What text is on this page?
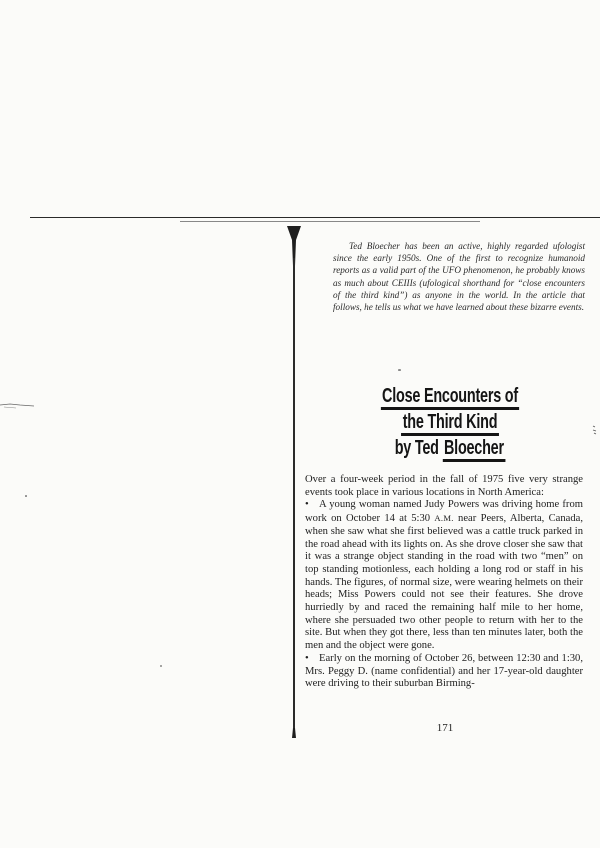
Ted Bloecher has been an active, highly regarded ufologist since the early 1950s. One of the first to recognize humanoid reports as a valid part of the UFO phenomenon, he probably knows as much about CEIIIs (ufological shorthand for “close encounters of the third kind”) as anyone in the world. In the article that follows, he tells us what we have learned about these bizarre events.

Close Encounters of
the Third Kind
by Ted Bloecher

Over a four-week period in the fall of 1975 five very strange events took place in various locations in North America:

• A young woman named Judy Powers was driving home from work on October 14 at 5:30 A.M. near Peers, Alberta, Canada, when she saw what she first believed was a cattle truck parked in the road ahead with its lights on. As she drove closer she saw that it was a strange object standing in the road with two “men” on top standing motionless, each holding a long rod or staff in his hands. The figures, of normal size, were wearing helmets on their heads; Miss Powers could not see their features. She drove hurriedly by and raced the remaining half mile to her home, where she persuaded two other people to return with her to the site. But when they got there, less than ten minutes later, both the men and the object were gone.

• Early on the morning of October 26, between 12:30 and 1:30, Mrs. Peggy D. (name confidential) and her 17-year-old daughter were driving to their suburban Birming-

171
